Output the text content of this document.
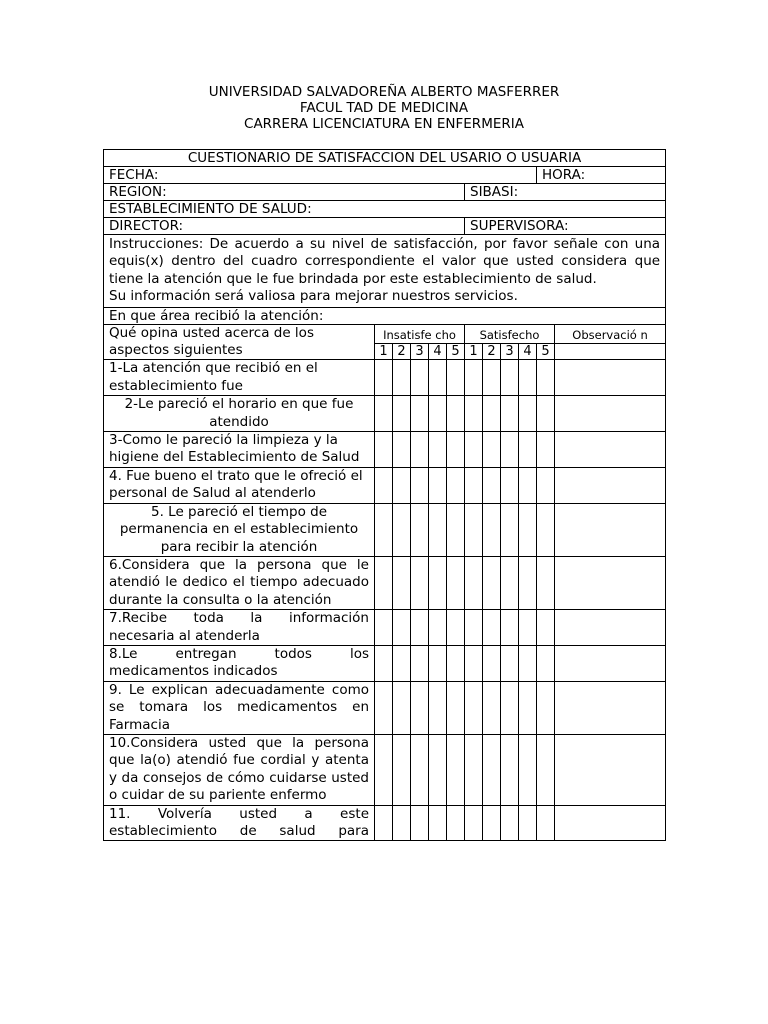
UNIVERSIDAD SALVADOREÑA ALBERTO MASFERRER
FACUL TAD DE MEDICINA
CARRERA LICENCIATURA EN ENFERMERIA
CUESTIONARIO DE SATISFACCION DEL USARIO O USUARIA											
FECHA:										HORA:	
REGION:						SIBASI:					
ESTABLECIMIENTO DE SALUD:											
DIRECTOR:						SUPERVISORA:					

Instrucciones: De acuerdo a su nivel de satisfacción, por favor señale con una equis(x) dentro del cuadro correspondiente el valor que usted considera que tiene la atención que le fue brindada por este establecimiento de salud.

Su información será valiosa para mejorar nuestros servicios.											

En que área recibió la atención:											
Qué opina usted acerca de los aspectos siguientes	Insatisfe cho					Satisfecho					Observació n
	1	2	3	4	5	1	2	3	4	5	
1-La atención que recibió en el establecimiento fue											
2-Le pareció el horario en que fue atendido											
3-Como le pareció la limpieza y la higiene del Establecimiento de Salud											
4. Fue bueno el trato que le ofreció el personal de Salud al atenderlo											
5. Le pareció el tiempo de permanencia en el establecimiento para recibir la atención											
6.Considera que la persona que le atendió le dedico el tiempo adecuado durante la consulta o la atención											
7.Recibe toda la información necesaria al atenderla											
8.Le entregan todos los medicamentos indicados											
9. Le explican adecuadamente como se tomara los medicamentos en Farmacia											
10.Considera usted que la persona que la(o) atendió fue cordial y atenta y da consejos de cómo cuidarse usted o cuidar de su pariente enfermo											
11. Volvería usted a este establecimiento de salud para											
